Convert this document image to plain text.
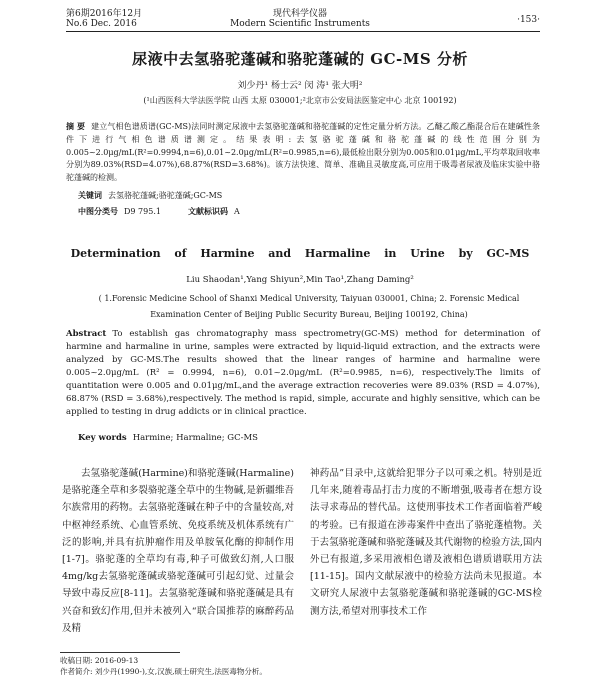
第6期2016年12月
No.6 Dec. 2016
现代科学仪器
Modern Scientific Instruments	·153·
尿液中去氢骆驼蓬碱和骆驼蓬碱的 GC-MS 分析
刘少丹¹ 杨士云² 闵 涛¹ 张大明²
(¹山西医科大学法医学院 山西 太原 030001;²北京市公安局法医鉴定中心 北京 100192)
摘 要 建立气相色谱质谱(GC-MS)法同时测定尿液中去氢骆驼蓬碱和骆驼蓬碱的定性定量分析方法。乙醚乙酸乙酯混合后在建碱性条件下进行气相色谱质谱测定。结果表明:去氢骆驼蓬碱和骆驼蓬碱的线性范围分别为0.005~2.0μg/mL(R²=0.9994,n=6),0.01~2.0μg/mL(R²=0.9985,n=6),最低检出限分别为0.005和0.01μg/mL,平均萃取回收率分别为89.03%(RSD=4.07%),68.87%(RSD=3.68%)。该方法快速、简单、准确且灵敏度高,可应用于吸毒者尿液及临床实验中骆驼蓬碱的检测。
关键词 去氢骆驼蓬碱;骆驼蓬碱;GC-MS
中图分类号 D9 795.1	文献标识码 A
Determination of Harmine and Harmaline in Urine by GC-MS
Liu Shaodan¹,Yang Shiyun²,Min Tao¹,Zhang Daming²
( 1.Forensic Medicine School of Shanxi Medical University, Taiyuan 030001, China; 2. Forensic Medical Examination Center of Beijing Public Security Bureau, Beijing 100192, China)
Abstract To establish gas chromatography mass spectrometry(GC-MS) method for determination of harmine and harmaline in urine, samples were extracted by liquid-liquid extraction, and the extracts were analyzed by GC-MS.The results showed that the linear ranges of harmine and harmaline were 0.005~2.0μg/mL (R² = 0.9994, n=6), 0.01~2.0μg/mL (R²=0.9985, n=6), respectively.The limits of quantitation were 0.005 and 0.01μg/mL,and the average extraction recoveries were 89.03% (RSD = 4.07%), 68.87% (RSD = 3.68%),respectively. The method is rapid, simple, accurate and highly sensitive, which can be applied to testing in drug addicts or in clinical practice.
Key words Harmine; Harmaline; GC-MS
去氢骆驼蓬碱(Harmine)和骆驼蓬碱(Harmaline)是骆驼蓬全草和多裂骆驼蓬全草中的生物碱,是新疆维吾尔族常用的药物。去氢骆驼蓬碱在种子中的含量较高,对中枢神经系统、心血管系统、免疫系统及机体系统有广泛的影响,并具有抗肿瘤作用及单胺氧化酶的抑制作用[1-7]。骆驼蓬的全草均有毒,种子可做致幻剂,人口服4mg/kg去氢骆驼蓬碱或骆驼蓬碱可引起幻觉、过量会导致中毒反应[8-11]。去氢骆驼蓬碱和骆驼蓬碱是具有兴奋和致幻作用,但并未被列入“联合国推荐的麻醉药品及精
神药品”目录中,这就给犯罪分子以可乘之机。特别是近几年来,随着毒品打击力度的不断增强,吸毒者在想方设法寻求毒品的替代品。这使刑事技术工作者面临着严峻的考验。已有报道在涉毒案件中查出了骆驼蓬植物。关于去氢骆驼蓬碱和骆驼蓬碱及其代谢物的检验方法,国内外已有报道,多采用液相色谱及液相色谱质谱联用方法[11-15]。国内文献尿液中的检验方法尚未见报道。本文研究人尿液中去氢骆驼蓬碱和骆驼蓬碱的GC-MS检测方法,希望对刑事技术工作
收稿日期: 2016-09-13
作者简介: 刘少丹(1990-),女,汉族,硕士研究生,法医毒物分析。
